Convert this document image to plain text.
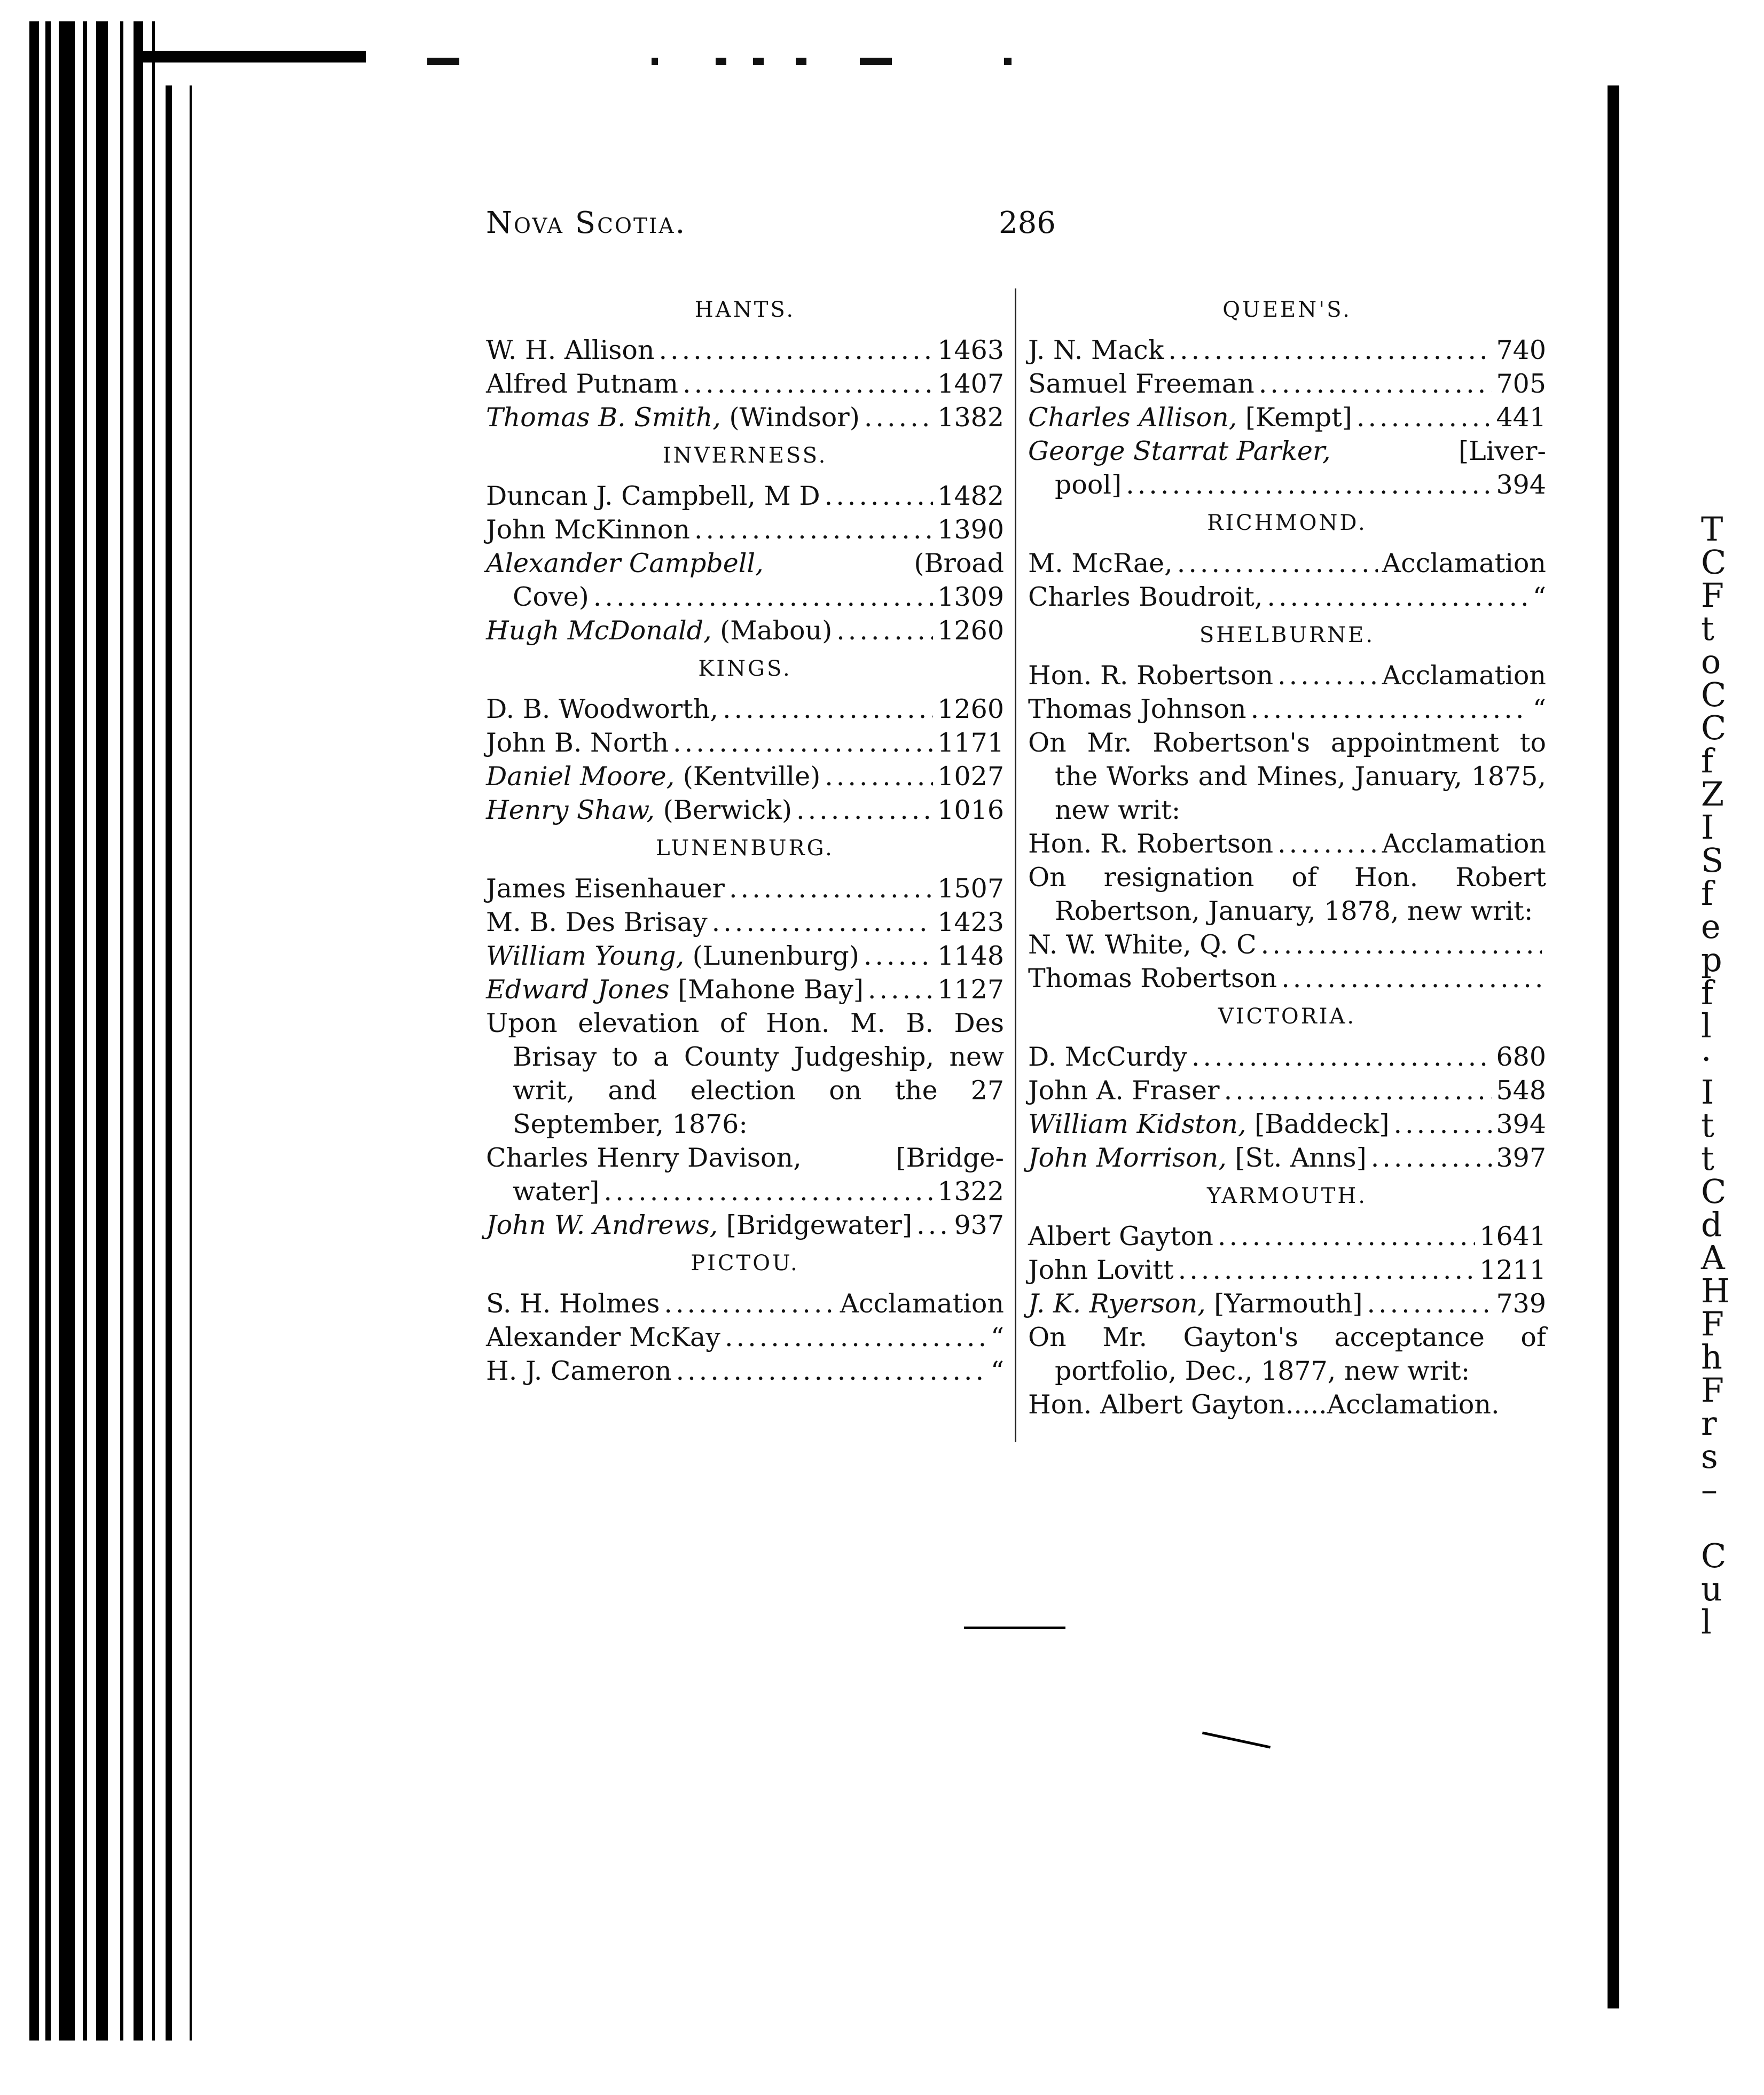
T
C
F
t
o
C
C
f
Z
I
S
f
e
p
f
l
·
I
t
t
C
d
A
H
F
h
F
r
s
–
C
u
l
Nova Scotia.	286
HANTS.
W. H. Allison .....	1463
Alfred Putnam .....	1407
Thomas B. Smith, (Windsor) .....	1382
INVERNESS.
Duncan J. Campbell, M D .....	1482
John McKinnon .....	1390
Alexander Campbell,	(Broad
Cove) .....	1309
Hugh McDonald, (Mabou) .....	1260
KINGS.
D. B. Woodworth, .....	1260
John B. North .....	1171
Daniel Moore, (Kentville) .....	1027
Henry Shaw, (Berwick) .....	1016
LUNENBURG.
James Eisenhauer .....	1507
M. B. Des Brisay .....	1423
William Young, (Lunenburg) .....	1148
Edward Jones [Mahone Bay] .....	1127
Upon elevation of Hon. M. B. Des Brisay to a County Judgeship, new writ, and election on the 27 September, 1876:
Charles Henry Davison,	[Bridge-
water] .....	1322
John W. Andrews, [Bridgewater] ..... 937
PICTOU.
S. H. Holmes .....	Acclamation
Alexander McKay .....	“
H. J. Cameron .....	“
QUEEN'S.
J. N. Mack .....	740
Samuel Freeman .....	705
Charles Allison, [Kempt] .....	441
George Starrat Parker,	[Liver-
pool] .....	394
RICHMOND.
M. McRae, .....	Acclamation
Charles Boudroit, .....	“
SHELBURNE.
Hon. R. Robertson .....	Acclamation
Thomas Johnson .....	“
On Mr. Robertson's appointment to the Works and Mines, January, 1875, new writ:
Hon. R. Robertson .....	Acclamation
On resignation of Hon. Robert Robertson, January, 1878, new writ:
N. W. White, Q. C
.....
Thomas Robertson
.....
VICTORIA.
D. McCurdy .....	680
John A. Fraser .....	548
William Kidston, [Baddeck] .....	394
John Morrison, [St. Anns] .....	397
YARMOUTH.
Albert Gayton .....	1641
John Lovitt .....	1211
J. K. Ryerson, [Yarmouth] .....	739
On Mr. Gayton's acceptance of portfolio, Dec., 1877, new writ:
Hon. Albert Gayton.....Acclamation.
